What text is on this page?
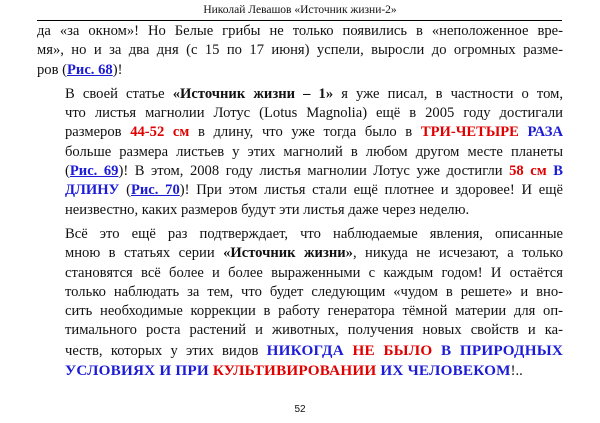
Николай Левашов «Источник жизни-2»

да «за окном»! Но Белые грибы не только появились в «неположенное вре-
мя», но и за два дня (с 15 по 17 июня) успели, выросли до огромных разме-
ров (Рис. 68)!

В своей статье «Источник жизни – 1» я уже писал, в частности о том,
что листья магнолии Лотус (Lotus Magnolia) ещё в 2005 году достигали
размеров 44-52 см в длину, что уже тогда было в ТРИ-ЧЕТЫРЕ РАЗА
больше размера листьев у этих магнолий в любом другом месте планеты
(Рис. 69)! В этом, 2008 году листья магнолии Лотус уже достигли 58 см В
ДЛИНУ (Рис. 70)! При этом листья стали ещё плотнее и здоровее! И ещё
неизвестно, каких размеров будут эти листья даже через неделю.

Всё это ещё раз подтверждает, что наблюдаемые явления, описанные
мною в статьях серии «Источник жизни», никуда не исчезают, а только
становятся всё более и более выраженными с каждым годом! И остаётся
только наблюдать за тем, что будет следующим «чудом в решете» и вно-
сить необходимые коррекции в работу генератора тёмной материи для оп-
тимального роста растений и животных, получения новых свойств и ка-
честв, которых у этих видов НИКОГДА НЕ БЫЛО В ПРИРОДНЫХ
УСЛОВИЯХ И ПРИ КУЛЬТИВИРОВАНИИ ИХ ЧЕЛОВЕКОМ!..

52
